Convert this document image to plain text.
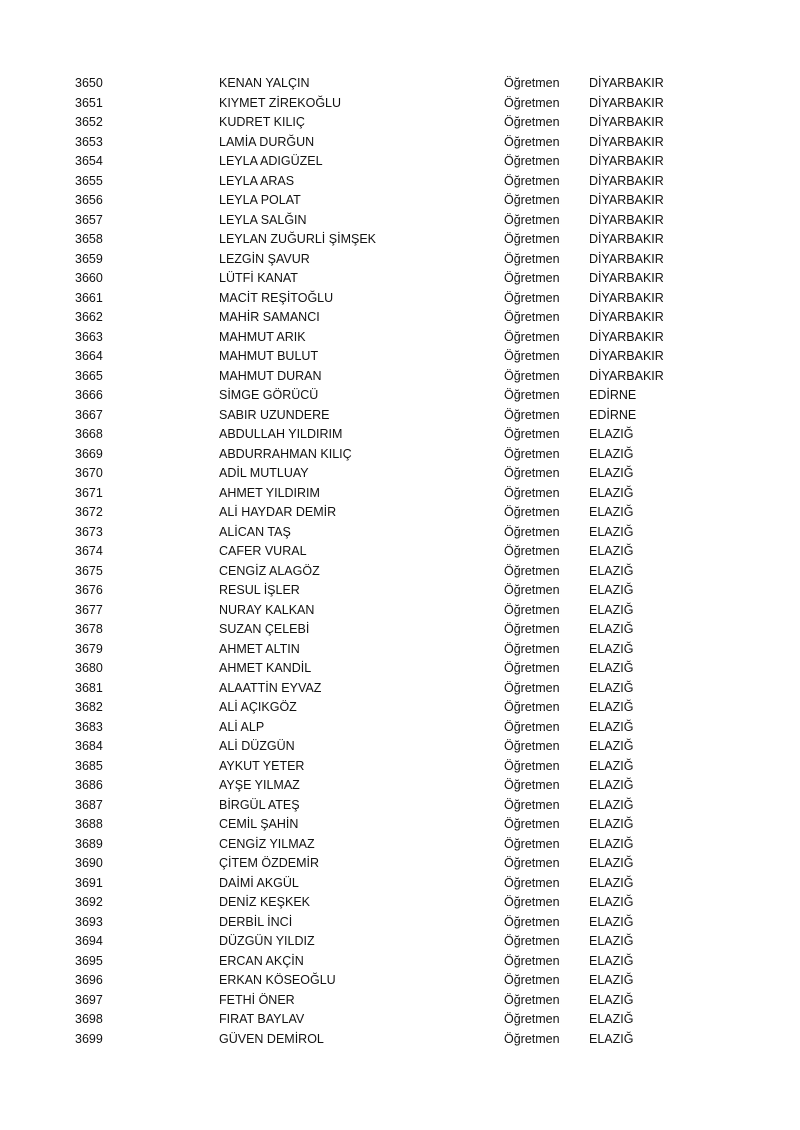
3650	KENAN YALÇIN	Öğretmen DİYARBAKIR
3651	KIYMET ZİREKOĞLU	Öğretmen DİYARBAKIR
3652	KUDRET KILIÇ	Öğretmen DİYARBAKIR
3653	LAMİA DURĞUN	Öğretmen DİYARBAKIR
3654	LEYLA ADIGÜZEL	Öğretmen DİYARBAKIR
3655	LEYLA ARAS	Öğretmen DİYARBAKIR
3656	LEYLA POLAT	Öğretmen DİYARBAKIR
3657	LEYLA SALĞIN	Öğretmen DİYARBAKIR
3658	LEYLAN ZUĞURLİ ŞİMŞEK	Öğretmen DİYARBAKIR
3659	LEZGİN ŞAVUR	Öğretmen DİYARBAKIR
3660	LÜTFİ KANAT	Öğretmen DİYARBAKIR
3661	MACİT REŞİTOĞLU	Öğretmen DİYARBAKIR
3662	MAHİR SAMANCI	Öğretmen DİYARBAKIR
3663	MAHMUT ARIK	Öğretmen DİYARBAKIR
3664	MAHMUT BULUT	Öğretmen DİYARBAKIR
3665	MAHMUT DURAN	Öğretmen DİYARBAKIR
3666	SİMGE GÖRÜCÜ	Öğretmen EDİRNE
3667	SABIR UZUNDERE	Öğretmen EDİRNE
3668	ABDULLAH YILDIRIM	Öğretmen ELAZIĞ
3669	ABDURRAHMAN KILIÇ	Öğretmen ELAZIĞ
3670	ADİL MUTLUAY	Öğretmen ELAZIĞ
3671	AHMET YILDIRIM	Öğretmen ELAZIĞ
3672	ALİ HAYDAR DEMİR	Öğretmen ELAZIĞ
3673	ALİCAN TAŞ	Öğretmen ELAZIĞ
3674	CAFER VURAL	Öğretmen ELAZIĞ
3675	CENGİZ ALAGÖZ	Öğretmen ELAZIĞ
3676	RESUL İŞLER	Öğretmen ELAZIĞ
3677	NURAY KALKAN	Öğretmen ELAZIĞ
3678	SUZAN ÇELEBİ	Öğretmen ELAZIĞ
3679	AHMET ALTIN	Öğretmen ELAZIĞ
3680	AHMET KANDİL	Öğretmen ELAZIĞ
3681	ALAATTİN EYVAZ	Öğretmen ELAZIĞ
3682	ALİ AÇIKGÖZ	Öğretmen ELAZIĞ
3683	ALİ ALP	Öğretmen ELAZIĞ
3684	ALİ DÜZGÜN	Öğretmen ELAZIĞ
3685	AYKUT YETER	Öğretmen ELAZIĞ
3686	AYŞE YILMAZ	Öğretmen ELAZIĞ
3687	BİRGÜL ATEŞ	Öğretmen ELAZIĞ
3688	CEMİL ŞAHİN	Öğretmen ELAZIĞ
3689	CENGİZ YILMAZ	Öğretmen ELAZIĞ
3690	ÇİTEM ÖZDEMİR	Öğretmen ELAZIĞ
3691	DAİMİ AKGÜL	Öğretmen ELAZIĞ
3692	DENİZ KEŞKEK	Öğretmen ELAZIĞ
3693	DERBİL İNCİ	Öğretmen ELAZIĞ
3694	DÜZGÜN YILDIZ	Öğretmen ELAZIĞ
3695	ERCAN AKÇİN	Öğretmen ELAZIĞ
3696	ERKAN KÖSEOĞLU	Öğretmen ELAZIĞ
3697	FETHİ ÖNER	Öğretmen ELAZIĞ
3698	FIRAT BAYLAV	Öğretmen ELAZIĞ
3699	GÜVEN DEMİROL	Öğretmen ELAZIĞ
